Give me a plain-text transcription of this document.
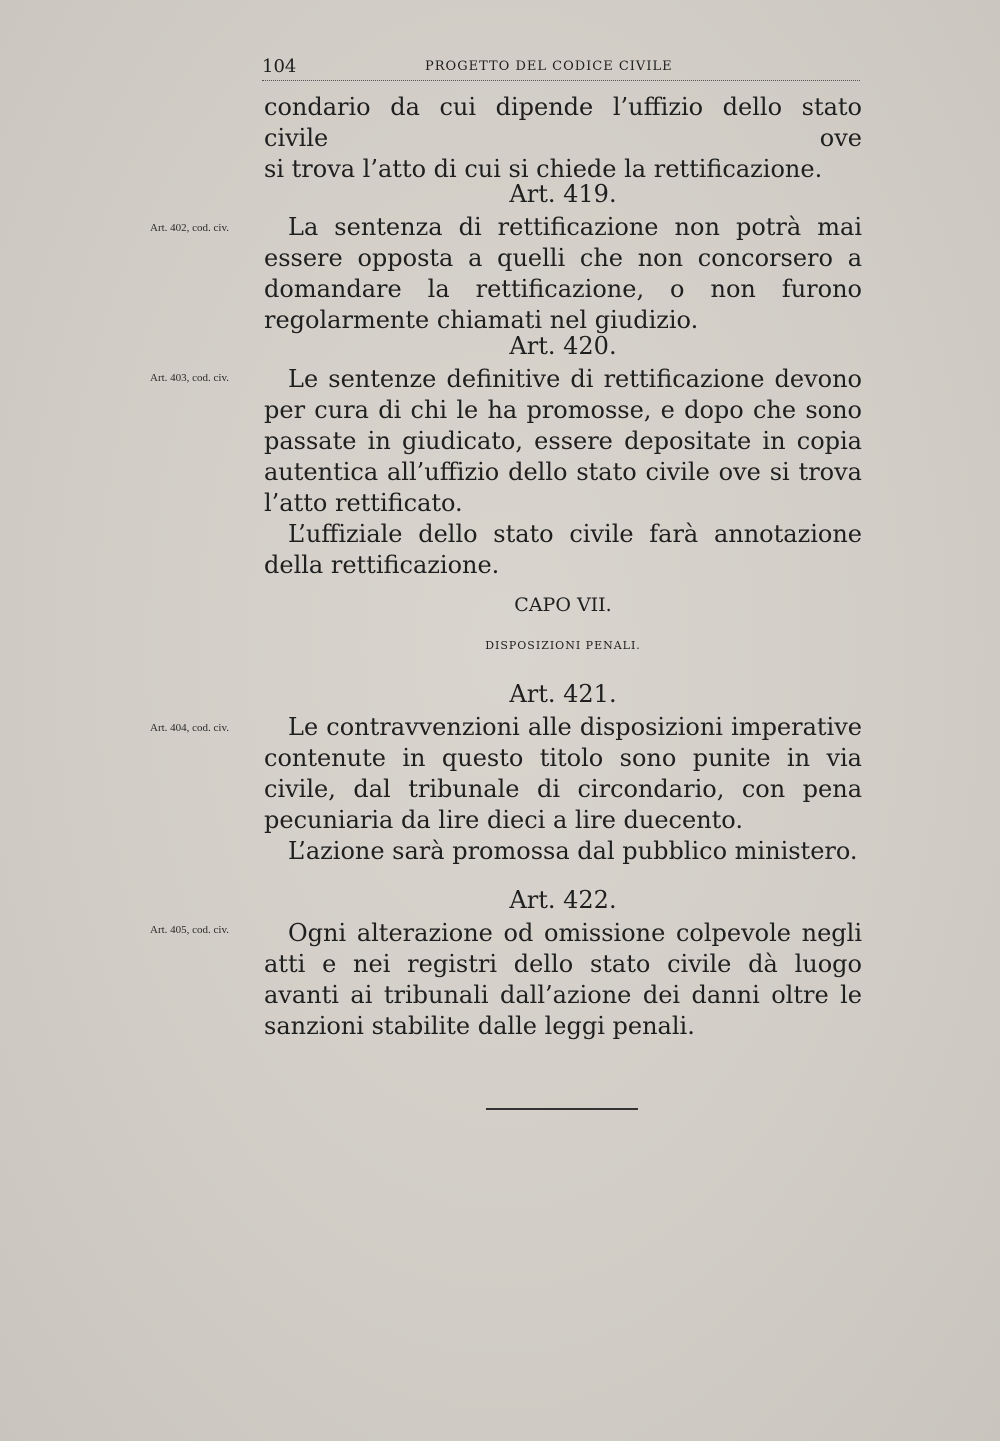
104	PROGETTO DEL CODICE CIVILE

condario da cui dipende l’uffizio dello stato civile ove

si trova l’atto di cui si chiede la rettificazione.

Art. 419.

La sentenza di rettificazione non potrà mai essere opposta a quelli che non concorsero a domandare la rettificazione, o non furono regolarmente chiamati nel giudizio.

Art. 402, cod. civ.
Art. 420.

Le sentenze definitive di rettificazione devono per cura di chi le ha promosse, e dopo che sono passate in giudicato, essere depositate in copia autentica all’uffizio dello stato civile ove si trova l’atto rettificato.

L’uffiziale dello stato civile farà annotazione della rettificazione.

Art. 403, cod. civ.
CAPO VII.
DISPOSIZIONI PENALI.
Art. 421.

Le contravvenzioni alle disposizioni imperative contenute in questo titolo sono punite in via civile, dal tribunale di circondario, con pena pecuniaria da lire dieci a lire duecento.

L’azione sarà promossa dal pubblico ministero.

Art. 404, cod. civ.
Art. 422.

Ogni alterazione od omissione colpevole negli atti e nei registri dello stato civile dà luogo avanti ai tribunali dall’azione dei danni oltre le sanzioni stabilite dalle leggi penali.

Art. 405, cod. civ.
